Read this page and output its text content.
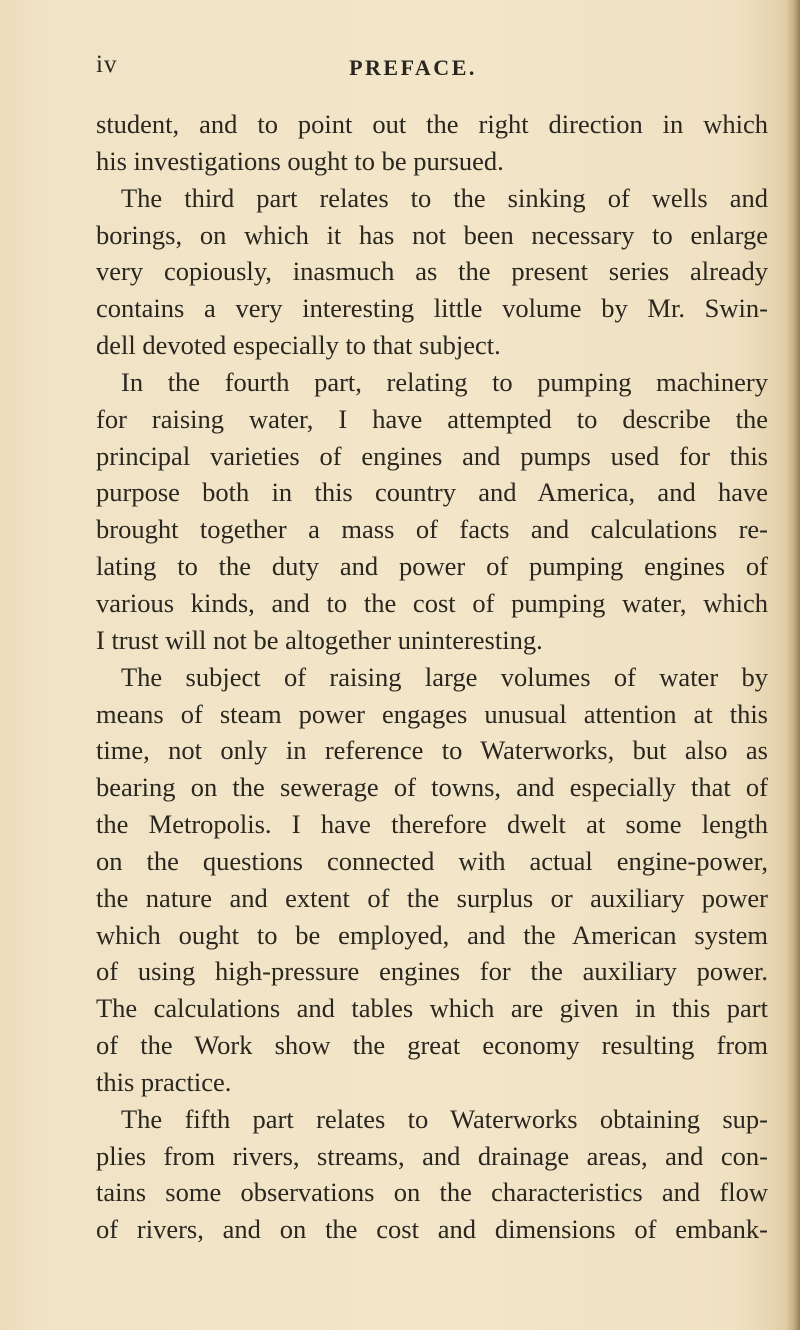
iv	PREFACE.
student, and to point out the right direction in which
his investigations ought to be pursued.
The third part relates to the sinking of wells and
borings, on which it has not been necessary to enlarge
very copiously, inasmuch as the present series already
contains a very interesting little volume by Mr. Swin-
dell devoted especially to that subject.
In the fourth part, relating to pumping machinery
for raising water, I have attempted to describe the
principal varieties of engines and pumps used for this
purpose both in this country and America, and have
brought together a mass of facts and calculations re-
lating to the duty and power of pumping engines of
various kinds, and to the cost of pumping water, which
I trust will not be altogether uninteresting.
The subject of raising large volumes of water by
means of steam power engages unusual attention at this
time, not only in reference to Waterworks, but also as
bearing on the sewerage of towns, and especially that of
the Metropolis. I have therefore dwelt at some length
on the questions connected with actual engine-power,
the nature and extent of the surplus or auxiliary power
which ought to be employed, and the American system
of using high-pressure engines for the auxiliary power.
The calculations and tables which are given in this part
of the Work show the great economy resulting from
this practice.
The fifth part relates to Waterworks obtaining sup-
plies from rivers, streams, and drainage areas, and con-
tains some observations on the characteristics and flow
of rivers, and on the cost and dimensions of embank-
